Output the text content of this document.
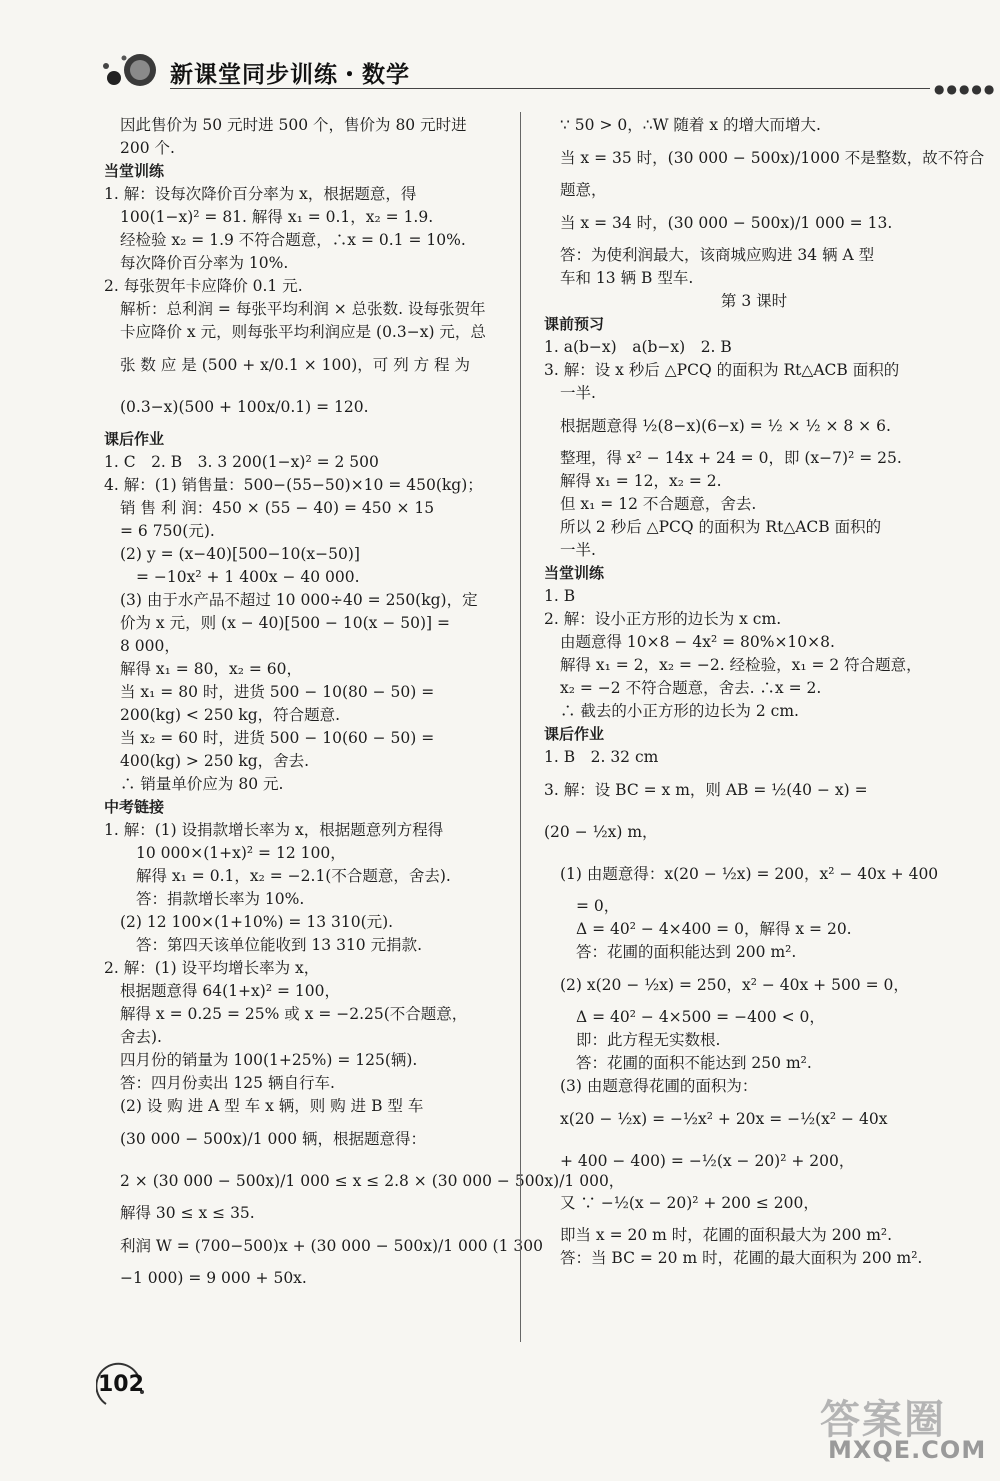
新课堂同步训练・数学
●●●●●
因此售价为 50 元时进 500 个，售价为 80 元时进
200 个.
当堂训练
1. 解：设每次降价百分率为 x，根据题意，得
100(1−x)² = 81. 解得 x₁ = 0.1，x₂ = 1.9.
经检验 x₂ = 1.9 不符合题意，∴x = 0.1 = 10%.
每次降价百分率为 10%.
2. 每张贺年卡应降价 0.1 元.
解析：总利润 = 每张平均利润 × 总张数. 设每张贺年
卡应降价 x 元，则每张平均利润应是 (0.3−x) 元，总
张 数 应 是 (500 + x/0.1 × 100)，可 列 方 程 为
(0.3−x)(500 + 100x/0.1) = 120.
课后作业
1. C　2. B　3. 3 200(1−x)² = 2 500
4. 解：(1) 销售量：500−(55−50)×10 = 450(kg)；
销 售 利 润：450 × (55 − 40) = 450 × 15
= 6 750(元).
(2) y = (x−40)[500−10(x−50)]
= −10x² + 1 400x − 40 000.
(3) 由于水产品不超过 10 000÷40 = 250(kg)，定
价为 x 元，则 (x − 40)[500 − 10(x − 50)] =
8 000，
解得 x₁ = 80，x₂ = 60，
当 x₁ = 80 时，进货 500 − 10(80 − 50) =
200(kg) < 250 kg，符合题意.
当 x₂ = 60 时，进货 500 − 10(60 − 50) =
400(kg) > 250 kg，舍去.
∴ 销量单价应为 80 元.
中考链接
1. 解：(1) 设捐款增长率为 x，根据题意列方程得
10 000×(1+x)² = 12 100，
解得 x₁ = 0.1，x₂ = −2.1(不合题意，舍去).
答：捐款增长率为 10%.
(2) 12 100×(1+10%) = 13 310(元).
答：第四天该单位能收到 13 310 元捐款.
2. 解：(1) 设平均增长率为 x，
根据题意得 64(1+x)² = 100，
解得 x = 0.25 = 25% 或 x = −2.25(不合题意，
舍去).
四月份的销量为 100(1+25%) = 125(辆).
答：四月份卖出 125 辆自行车.
(2) 设 购 进 A 型 车 x 辆，则 购 进 B 型 车
(30 000 − 500x)/1 000 辆，根据题意得：
2 × (30 000 − 500x)/1 000 ≤ x ≤ 2.8 × (30 000 − 500x)/1 000，
解得 30 ≤ x ≤ 35.
利润 W = (700−500)x + (30 000 − 500x)/1 000 (1 300
−1 000) = 9 000 + 50x.
∵ 50 > 0，∴W 随着 x 的增大而增大.
当 x = 35 时，(30 000 − 500x)/1000 不是整数，故不符合
题意，
当 x = 34 时，(30 000 − 500x)/1 000 = 13.
答：为使利润最大，该商城应购进 34 辆 A 型
车和 13 辆 B 型车.
第 3 课时
课前预习
1. a(b−x)　a(b−x)　2. B
3. 解：设 x 秒后 △PCQ 的面积为 Rt△ACB 面积的
一半.
根据题意得 ½(8−x)(6−x) = ½ × ½ × 8 × 6.
整理，得 x² − 14x + 24 = 0，即 (x−7)² = 25.
解得 x₁ = 12，x₂ = 2.
但 x₁ = 12 不合题意，舍去.
所以 2 秒后 △PCQ 的面积为 Rt△ACB 面积的
一半.
当堂训练
1. B
2. 解：设小正方形的边长为 x cm.
由题意得 10×8 − 4x² = 80%×10×8.
解得 x₁ = 2，x₂ = −2. 经检验，x₁ = 2 符合题意，
x₂ = −2 不符合题意，舍去. ∴x = 2.
∴ 截去的小正方形的边长为 2 cm.
课后作业
1. B　2. 32 cm
3. 解：设 BC = x m，则 AB = ½(40 − x) =
(20 − ½x) m，
(1) 由题意得：x(20 − ½x) = 200，x² − 40x + 400
= 0，
Δ = 40² − 4×400 = 0，解得 x = 20.
答：花圃的面积能达到 200 m².
(2) x(20 − ½x) = 250，x² − 40x + 500 = 0，
Δ = 40² − 4×500 = −400 < 0，
即：此方程无实数根.
答：花圃的面积不能达到 250 m².
(3) 由题意得花圃的面积为：
x(20 − ½x) = −½x² + 20x = −½(x² − 40x
+ 400 − 400) = −½(x − 20)² + 200，
又 ∵ −½(x − 20)² + 200 ≤ 200，
即当 x = 20 m 时，花圃的面积最大为 200 m².
答：当 BC = 20 m 时，花圃的最大面积为 200 m².
102
答案圈
MXQE.COM
